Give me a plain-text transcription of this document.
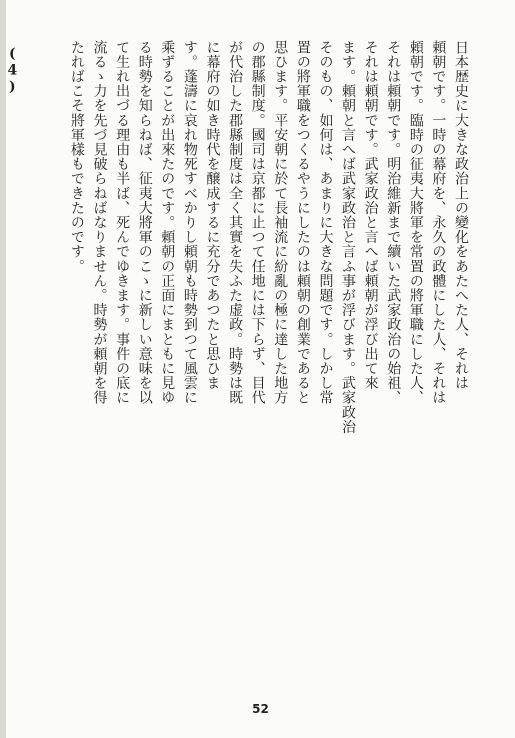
日本歴史に大きな政治上の變化をあたへた人、それは
頼朝です。一時の幕府を、永久の政體にした人、それは
頼朝です。臨時の征夷大將軍を常置の將軍職にした人、
それは頼朝です。明治維新まで續いた武家政治の始祖、
それは頼朝です。武家政治と言へば頼朝が浮び出て來
ます。頼朝と言へば武家政治と言ふ事が浮びます。武家政治
そのもの、如何は、あまりに大きな問題です。しかし常
置の將軍職をつくるやうにしたのは頼朝の創業であると
思ひます。平安朝に於て長袖流に紛亂の極に達した地方
の郡縣制度。國司は京都に止つて任地には下らず、目代
が代治した郡縣制度は全く其實を失ふた虚政。時勢は既
に幕府の如き時代を醸成するに充分であつたと思ひま
す。蓬濤に哀れ物死すべかりし頼朝も時勢到つて風雲に
乘ずることが出來たのです。頼朝の正面にまともに見ゆ
る時勢を知らねば、征夷大將軍のこゝに新しい意味を以
て生れ出づる理由も半ば、死んでゆきます。事件の底に
流るゝ力を先づ見破らねばなりません。時勢が頼朝を得
たればこそ將軍樣もできたのです。
(4)
52
